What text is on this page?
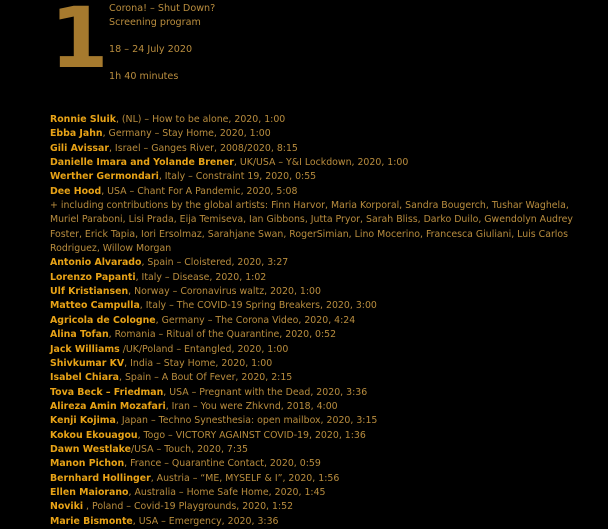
1 Corona! – Shut Down?
Screening program
18 – 24 July 2020
1h 40 minutes
Ronnie Sluik, (NL) – How to be alone, 2020, 1:00
Ebba Jahn, Germany – Stay Home, 2020, 1:00
Gili Avissar, Israel – Ganges River, 2008/2020, 8:15
Danielle Imara and Yolande Brener, UK/USA – Y&I Lockdown, 2020, 1:00
Werther Germondari, Italy – Constraint 19, 2020, 0:55
Dee Hood, USA – Chant For A Pandemic, 2020, 5:08
+ including contributions by the global artists: Finn Harvor, Maria Korporal, Sandra Bougerch, Tushar Waghela, Muriel Paraboni, Lisi Prada, Eija Temiseva, Ian Gibbons, Jutta Pryor, Sarah Bliss, Darko Duilo, Gwendolyn Audrey Foster, Erick Tapia, Iori Ersolmaz, Sarahjane Swan, RogerSimian, Lino Mocerino, Francesca Giuliani, Luis Carlos Rodriguez, Willow Morgan
Antonio Alvarado, Spain – Cloistered, 2020, 3:27
Lorenzo Papanti, Italy – Disease, 2020, 1:02
Ulf Kristiansen, Norway – Coronavirus waltz, 2020, 1:00
Matteo Campulla, Italy – The COVID-19 Spring Breakers, 2020, 3:00
Agricola de Cologne, Germany – The Corona Video, 2020, 4:24
Alina Tofan, Romania – Ritual of the Quarantine, 2020, 0:52
Jack Williams /UK/Poland – Entangled, 2020, 1:00
Shivkumar KV, India – Stay Home, 2020, 1:00
Isabel Chiara, Spain – A Bout Of Fever, 2020, 2:15
Tova Beck – Friedman, USA – Pregnant with the Dead, 2020, 3:36
Alireza Amin Mozafari, Iran – You were Zhkvnd, 2018, 4:00
Kenji Kojima, Japan – Techno Synesthesia: open mailbox, 2020, 3:15
Kokou Ekouagou, Togo – VICTORY AGAINST COVID-19, 2020, 1:36
Dawn Westlake/USA – Touch, 2020, 7:35
Manon Pichon, France – Quarantine Contact, 2020, 0:59
Bernhard Hollinger, Austria – “ME, MYSELF & I”, 2020, 1:56
Ellen Maiorano, Australia – Home Safe Home, 2020, 1:45
Noviki , Poland – Covid-19 Playgrounds, 2020, 1:52
Marie Bismonte, USA – Emergency, 2020, 3:36
